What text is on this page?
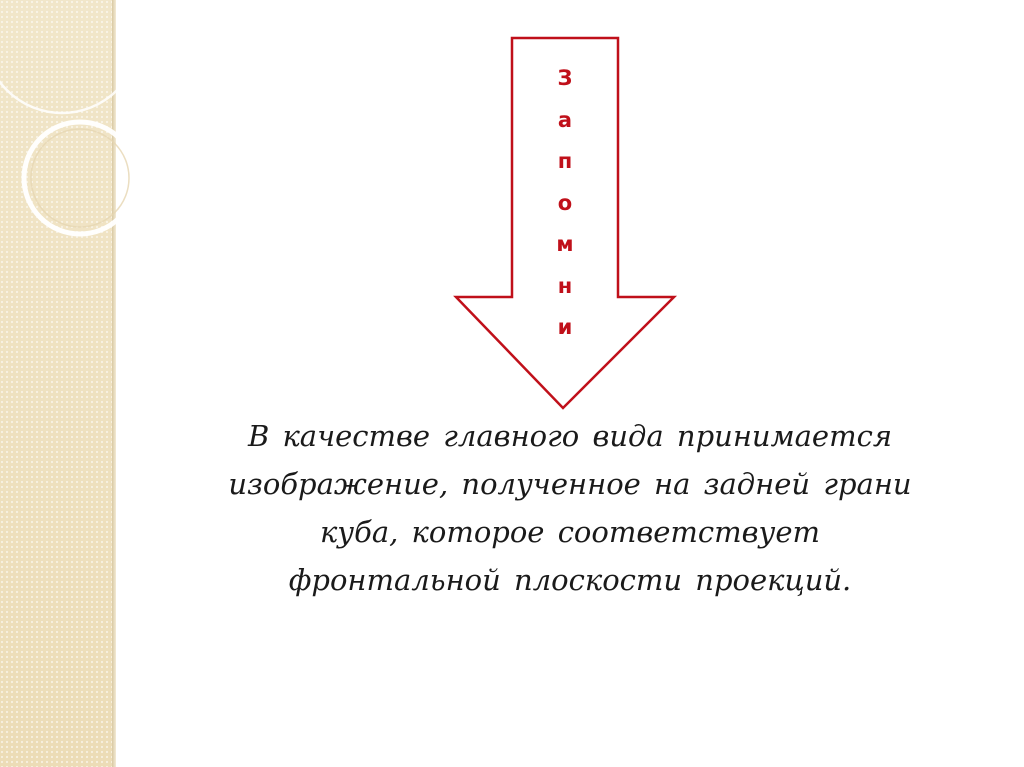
З
а
п
о
м
н
и
В качестве главного вида принимается
изображение, полученное на задней грани
куба, которое соответствует
фронтальной плоскости проекций.
